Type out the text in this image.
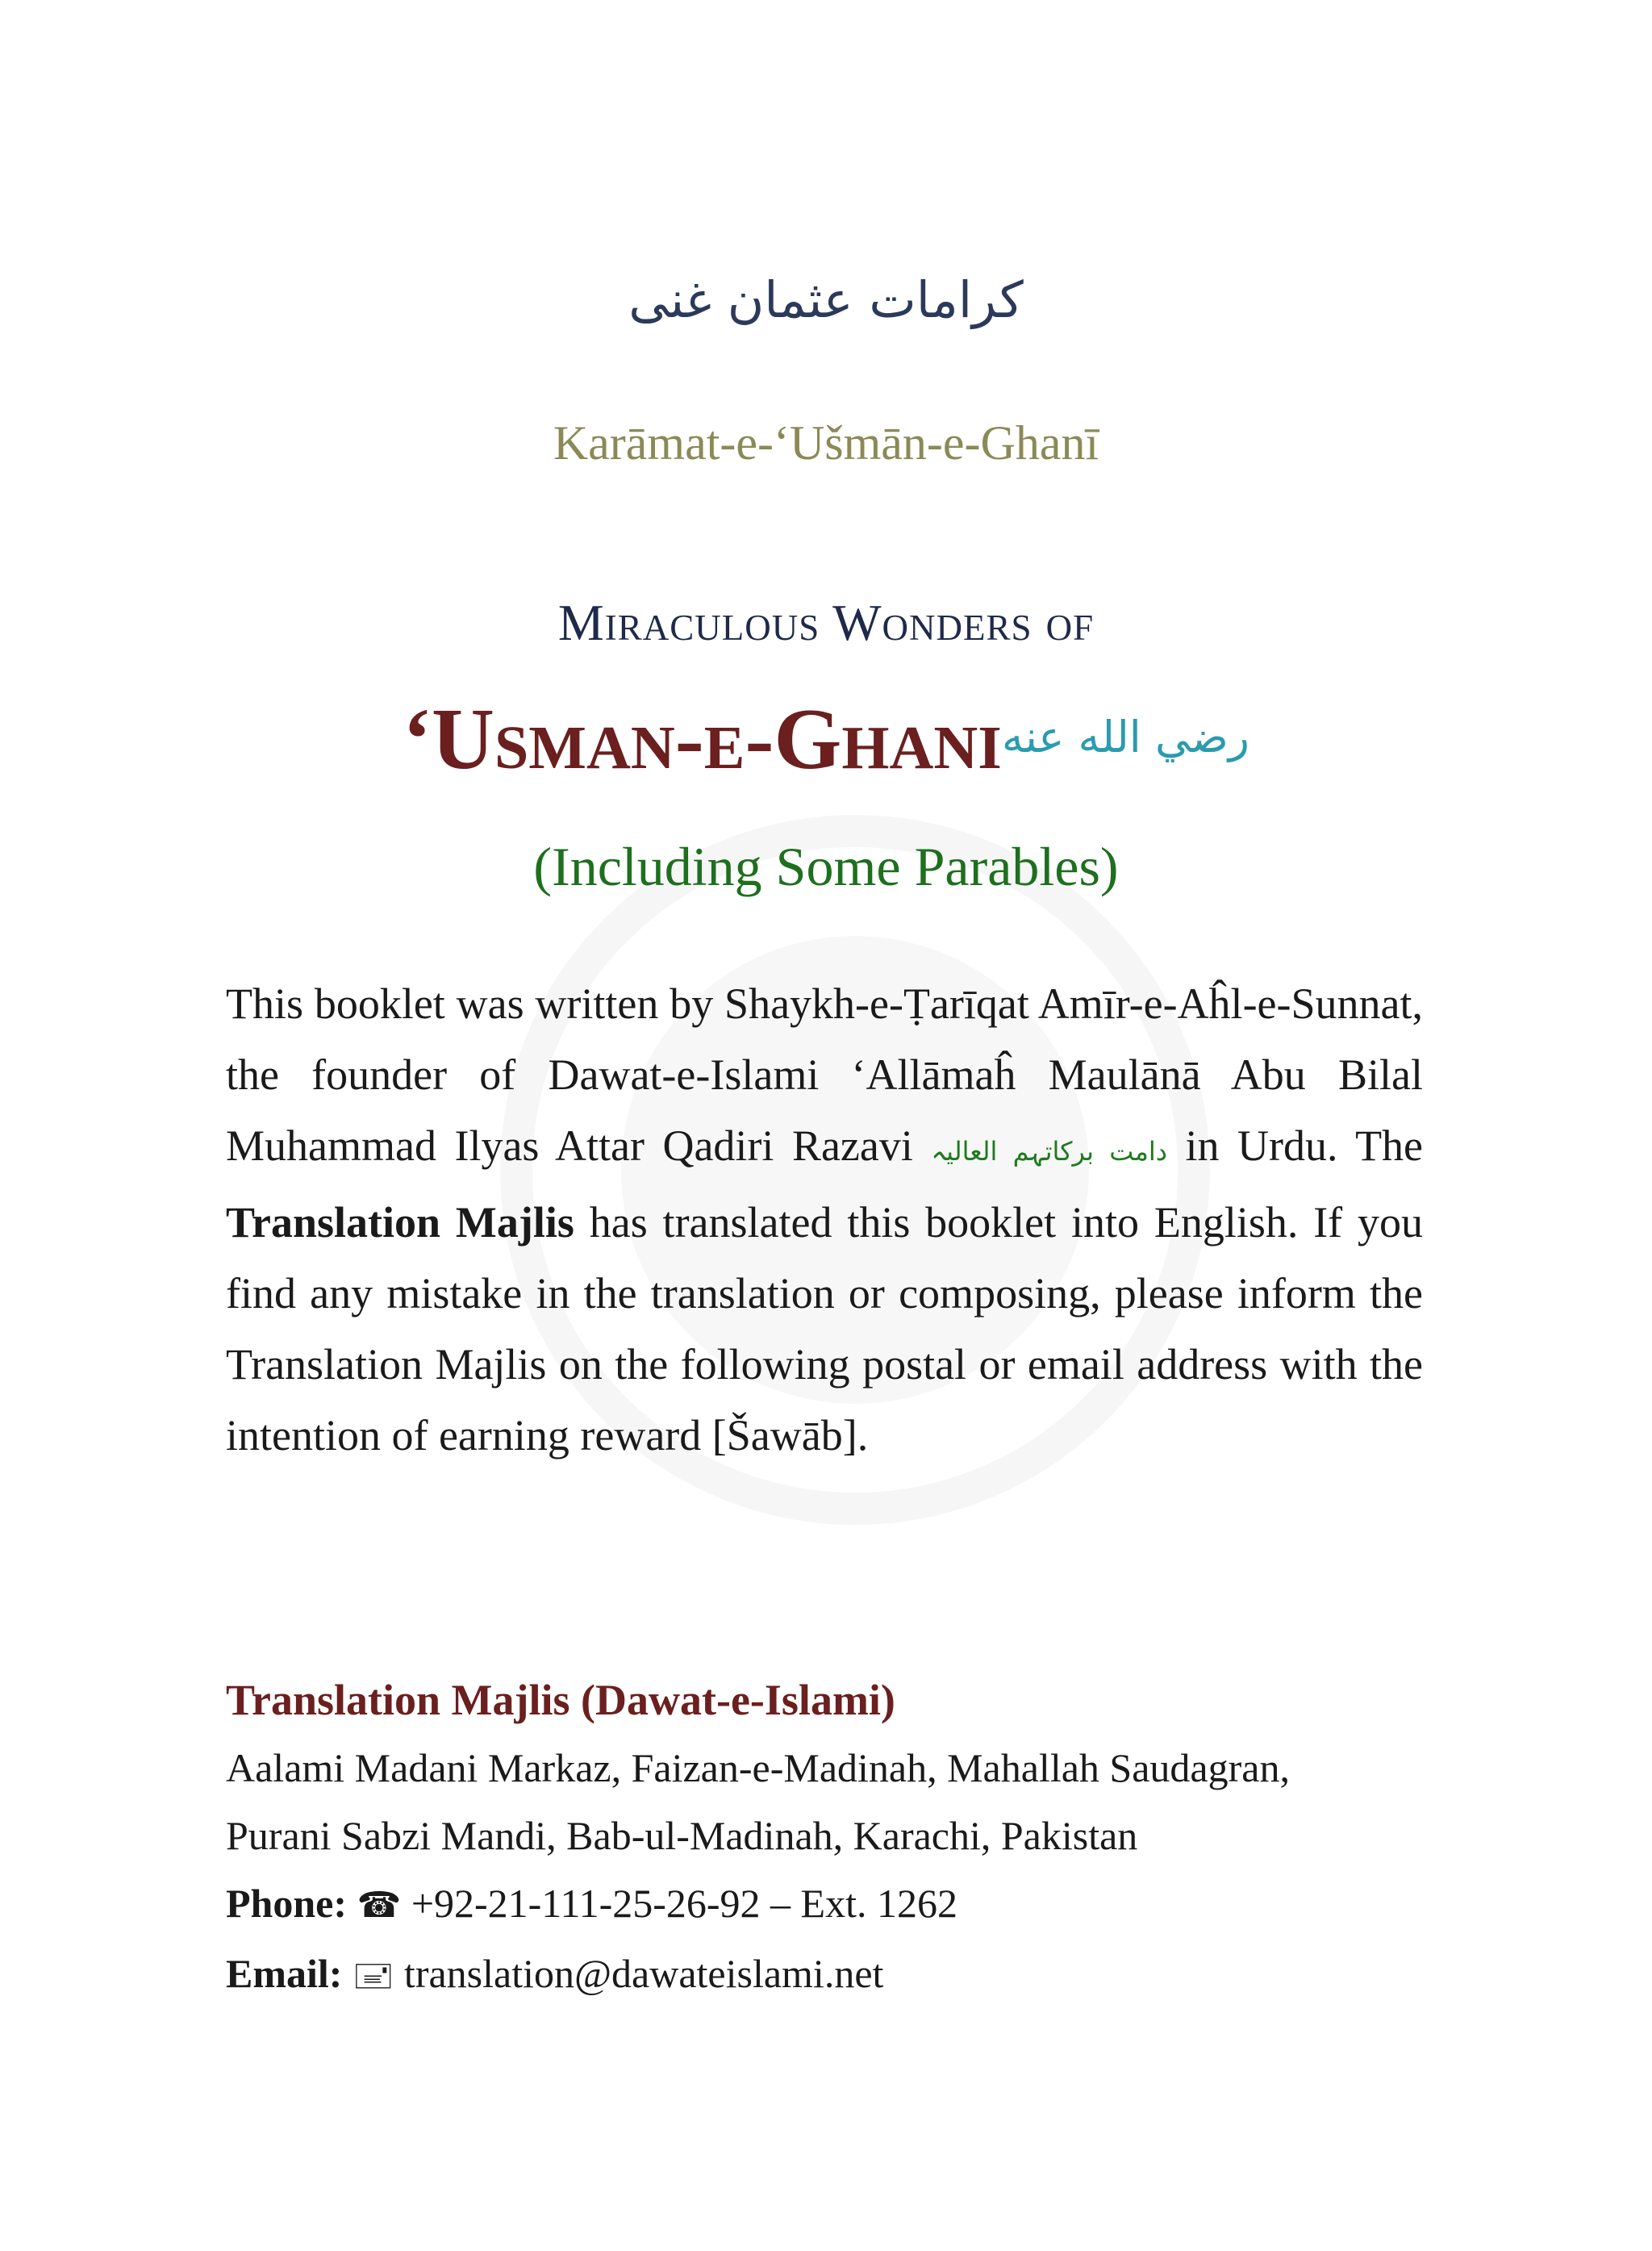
کرامات عثمان غنی
Karāmat-e-‘Ušmān-e-Ghanī
Miraculous Wonders of
‘Usman-e-Ghaniرضي الله عنه
(Including Some Parables)
This booklet was written by Shaykh-e-Ṭarīqat Amīr-e-Aĥl-e-Sunnat, the founder of Dawat-e-Islami ‘Allāmaĥ Maulānā Abu Bilal Muhammad Ilyas Attar Qadiri Razavi دامت برکاتہم العالیہ in Urdu. The Translation Majlis has translated this booklet into English. If you find any mistake in the translation or composing, please inform the Translation Majlis on the following postal or email address with the intention of earning reward [Šawāb].
Translation Majlis (Dawat-e-Islami)
Aalami Madani Markaz, Faizan-e-Madinah, Mahallah Saudagran,
Purani Sabzi Mandi, Bab-ul-Madinah, Karachi, Pakistan
Phone: ☎ +92-21-111-25-26-92 – Ext. 1262
Email: 🖃 translation@dawateislami.net
